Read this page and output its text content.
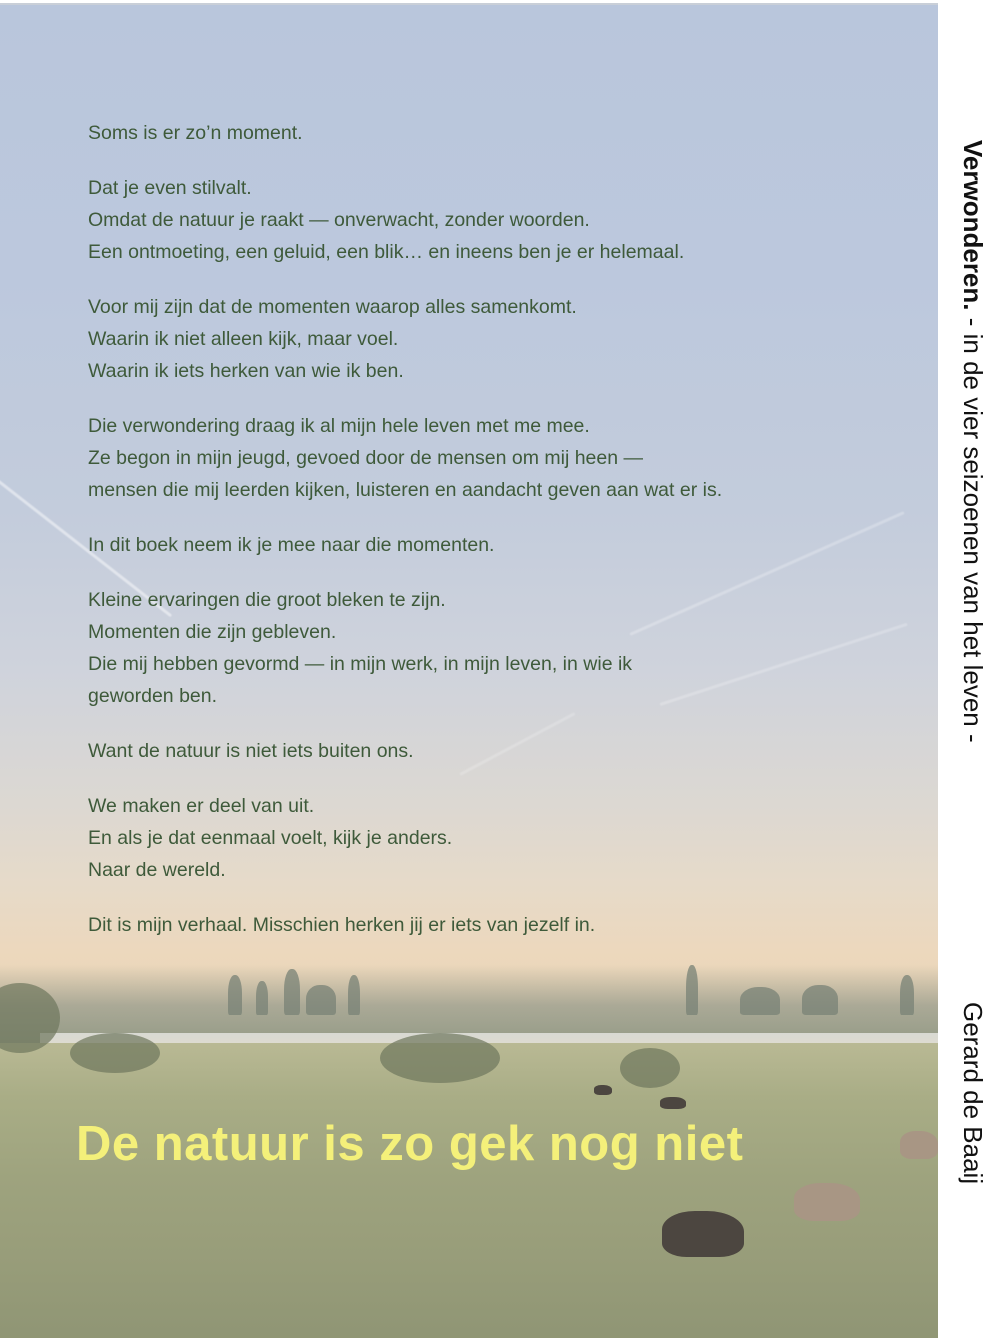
Soms is er zo’n moment.

Dat je even stilvalt.
Omdat de natuur je raakt — onverwacht, zonder woorden.
Een ontmoeting, een geluid, een blik… en ineens ben je er helemaal.

Voor mij zijn dat de momenten waarop alles samenkomt.
Waarin ik niet alleen kijk, maar voel.
Waarin ik iets herken van wie ik ben.

Die verwondering draag ik al mijn hele leven met me mee.
Ze begon in mijn jeugd, gevoed door de mensen om mij heen —
mensen die mij leerden kijken, luisteren en aandacht geven aan wat er is.

In dit boek neem ik je mee naar die momenten.

Kleine ervaringen die groot bleken te zijn.
Momenten die zijn gebleven.
Die mij hebben gevormd — in mijn werk, in mijn leven, in wie ik
geworden ben.

Want de natuur is niet iets buiten ons.

We maken er deel van uit.
En als je dat eenmaal voelt, kijk je anders.
Naar de wereld.

Dit is mijn verhaal. Misschien herken jij er iets van jezelf in.

De natuur is zo gek nog niet
Verwonderen. - in de vier seizoenen van het leven -
Gerard de Baaij
